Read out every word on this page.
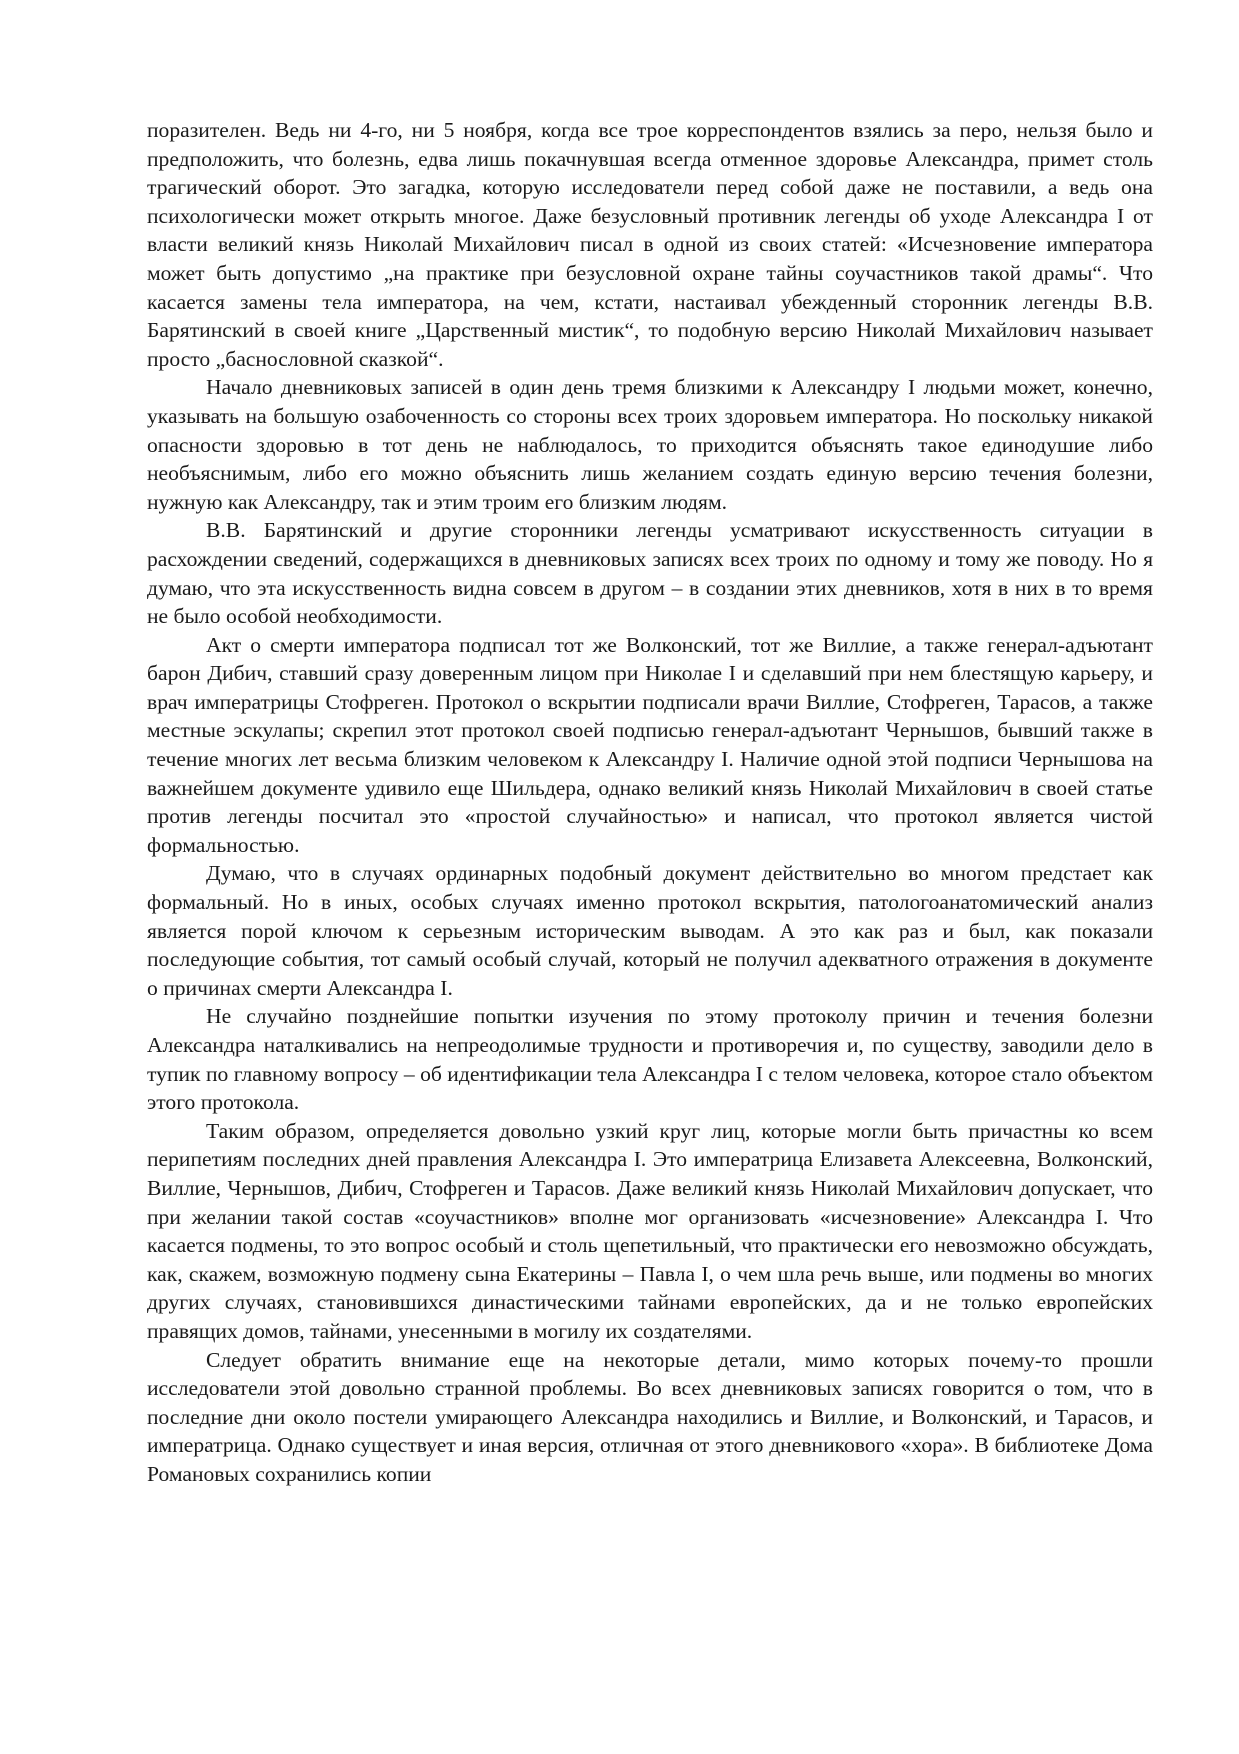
поразителен. Ведь ни 4-го, ни 5 ноября, когда все трое корреспондентов взялись за перо, нельзя было и предположить, что болезнь, едва лишь покачнувшая всегда отменное здоровье Александра, примет столь трагический оборот. Это загадка, которую исследователи перед собой даже не поставили, а ведь она психологически может открыть многое. Даже безусловный противник легенды об уходе Александра I от власти великий князь Николай Михайлович писал в одной из своих статей: «Исчезновение императора может быть допустимо „на практике при безусловной охране тайны соучастников такой драмы“. Что касается замены тела императора, на чем, кстати, настаивал убежденный сторонник легенды В.В. Барятинский в своей книге „Царственный мистик“, то подобную версию Николай Михайлович называет просто „баснословной сказкой“.

Начало дневниковых записей в один день тремя близкими к Александру I людьми может, конечно, указывать на большую озабоченность со стороны всех троих здоровьем императора. Но поскольку никакой опасности здоровью в тот день не наблюдалось, то приходится объяснять такое единодушие либо необъяснимым, либо его можно объяснить лишь желанием создать единую версию течения болезни, нужную как Александру, так и этим троим его близким людям.

В.В. Барятинский и другие сторонники легенды усматривают искусственность ситуации в расхождении сведений, содержащихся в дневниковых записях всех троих по одному и тому же поводу. Но я думаю, что эта искусственность видна совсем в другом – в создании этих дневников, хотя в них в то время не было особой необходимости.

Акт о смерти императора подписал тот же Волконский, тот же Виллие, а также генерал-адъютант барон Дибич, ставший сразу доверенным лицом при Николае I и сделавший при нем блестящую карьеру, и врач императрицы Стофреген. Протокол о вскрытии подписали врачи Виллие, Стофреген, Тарасов, а также местные эскулапы; скрепил этот протокол своей подписью генерал-адъютант Чернышов, бывший также в течение многих лет весьма близким человеком к Александру I. Наличие одной этой подписи Чернышова на важнейшем документе удивило еще Шильдера, однако великий князь Николай Михайлович в своей статье против легенды посчитал это «простой случайностью» и написал, что протокол является чистой формальностью.

Думаю, что в случаях ординарных подобный документ действительно во многом предстает как формальный. Но в иных, особых случаях именно протокол вскрытия, патологоанатомический анализ является порой ключом к серьезным историческим выводам. А это как раз и был, как показали последующие события, тот самый особый случай, который не получил адекватного отражения в документе о причинах смерти Александра I.

Не случайно позднейшие попытки изучения по этому протоколу причин и течения болезни Александра наталкивались на непреодолимые трудности и противоречия и, по существу, заводили дело в тупик по главному вопросу – об идентификации тела Александра I с телом человека, которое стало объектом этого протокола.

Таким образом, определяется довольно узкий круг лиц, которые могли быть причастны ко всем перипетиям последних дней правления Александра I. Это императрица Елизавета Алексеевна, Волконский, Виллие, Чернышов, Дибич, Стофреген и Тарасов. Даже великий князь Николай Михайлович допускает, что при желании такой состав «соучастников» вполне мог организовать «исчезновение» Александра I. Что касается подмены, то это вопрос особый и столь щепетильный, что практически его невозможно обсуждать, как, скажем, возможную подмену сына Екатерины – Павла I, о чем шла речь выше, или подмены во многих других случаях, становившихся династическими тайнами европейских, да и не только европейских правящих домов, тайнами, унесенными в могилу их создателями.

Следует обратить внимание еще на некоторые детали, мимо которых почему-то прошли исследователи этой довольно странной проблемы. Во всех дневниковых записях говорится о том, что в последние дни около постели умирающего Александра находились и Виллие, и Волконский, и Тарасов, и императрица. Однако существует и иная версия, отличная от этого дневникового «хора». В библиотеке Дома Романовых сохранились копии
